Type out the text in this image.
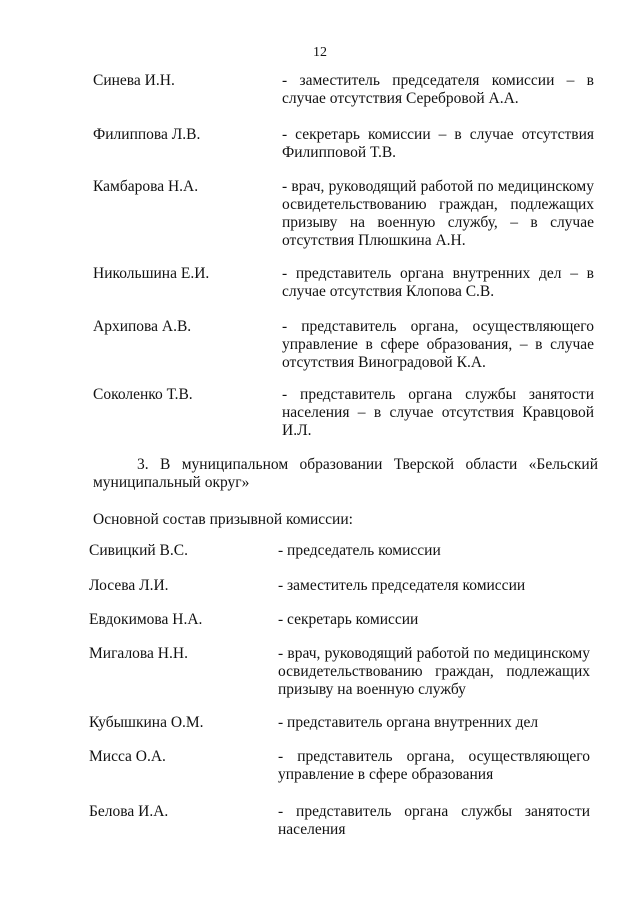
12
Синева И.Н.	- заместитель председателя комиссии – в случае отсутствия Серебровой А.А.
Филиппова Л.В.	- секретарь комиссии – в случае отсутствия Филипповой Т.В.
Камбарова Н.А.	- врач, руководящий работой по медицинскому освидетельствованию граждан, подлежащих призыву на военную службу, – в случае отсутствия Плюшкина А.Н.
Никольшина Е.И.	- представитель органа внутренних дел – в случае отсутствия Клопова С.В.
Архипова А.В.	- представитель органа, осуществляющего управление в сфере образования, – в случае отсутствия Виноградовой К.А.
Соколенко Т.В.	- представитель органа службы занятости населения – в случае отсутствия Кравцовой И.Л.
3. В муниципальном образовании Тверской области «Бельский муниципальный округ»
Основной состав призывной комиссии:
Сивицкий В.С.	- председатель комиссии
Лосева Л.И.	- заместитель председателя комиссии
Евдокимова Н.А.	- секретарь комиссии
Мигалова Н.Н.	- врач, руководящий работой по медицинскому освидетельствованию граждан, подлежащих призыву на военную службу
Кубышкина О.М.	- представитель органа внутренних дел
Мисса О.А.	- представитель органа, осуществляющего управление в сфере образования
Белова И.А.	- представитель органа службы занятости населения
